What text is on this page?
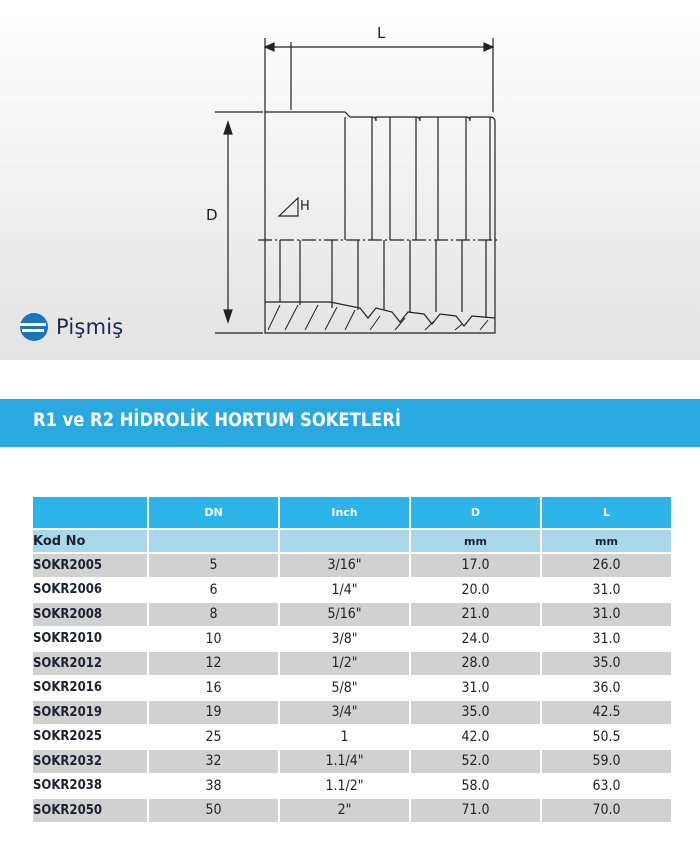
L
D	H
Pişmiş
R1 ve R2 HİDROLİK HORTUM SOKETLERİ
	DN	Inch	D	L
Kod No			mm	mm
SOKR2005	5	3/16"	17.0	26.0
SOKR2006	6	1/4"	20.0	31.0
SOKR2008	8	5/16"	21.0	31.0
SOKR2010	10	3/8"	24.0	31.0
SOKR2012	12	1/2"	28.0	35.0
SOKR2016	16	5/8"	31.0	36.0
SOKR2019	19	3/4"	35.0	42.5
SOKR2025	25	1	42.0	50.5
SOKR2032	32	1.1/4"	52.0	59.0
SOKR2038	38	1.1/2"	58.0	63.0
SOKR2050	50	2"	71.0	70.0
